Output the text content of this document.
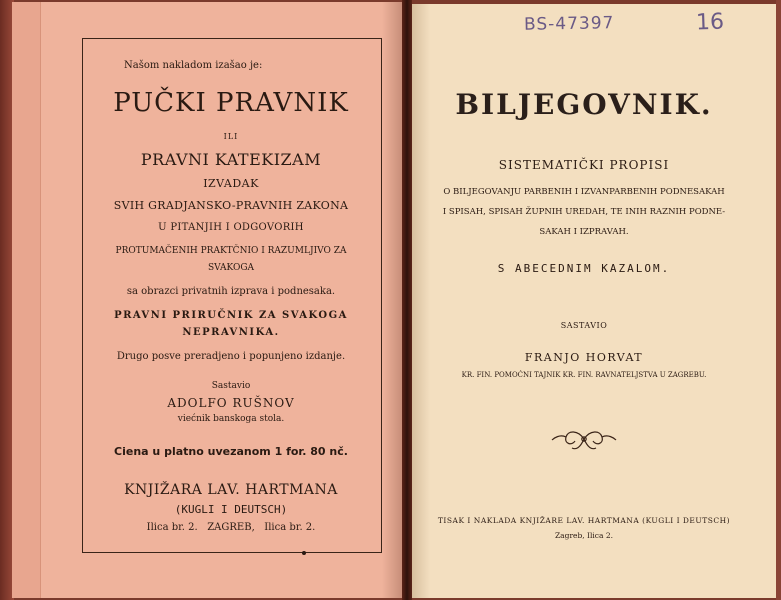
Našom nakladom izašao je:
PUČKI PRAVNIK
ILI
PRAVNI KATEKIZAM
IZVADAK
SVIH GRADJANSKO-PRAVNIH ZAKONA
U PITANJIH I ODGOVORIH
PROTUMAČENIH PRAKTČNIO I RAZUMLJIVO ZA
SVAKOGA
sa obrazci privatnih izprava i podnesaka.
PRAVNI PRIRUČNIK ZA SVAKOGA
NEPRAVNIKA.
Drugo posve preradjeno i popunjeno izdanje.
Sastavio
ADOLFO RUŠNOV
viećnik banskoga stola.
Ciena u platno uvezanom 1 for. 80 nč.
KNJIŽARA LAV. HARTMANA
(KUGLI I DEUTSCH)
Ilica br. 2.   ZAGREB,   Ilica br. 2.
BS-47397	16
BILJEGOVNIK.
SISTEMATIČKI PROPISI
O BILJEGOVANJU PARBENIH I IZVANPARBENIH PODNESAKAH
I SPISAH, SPISAH ŽUPNIH UREDAH, TE INIH RAZNIH PODNE-
SAKAH I IZPRAVAH.
S ABECEDNIM KAZALOM.
SASTAVIO
FRANJO HORVAT
KR. FIN. POMOĆNI TAJNIK KR. FIN. RAVNATELJSTVA U ZAGREBU.
TISAK I NAKLADA KNJIŽARE LAV. HARTMANA (KUGLI I DEUTSCH)
Zagreb, Ilica 2.
